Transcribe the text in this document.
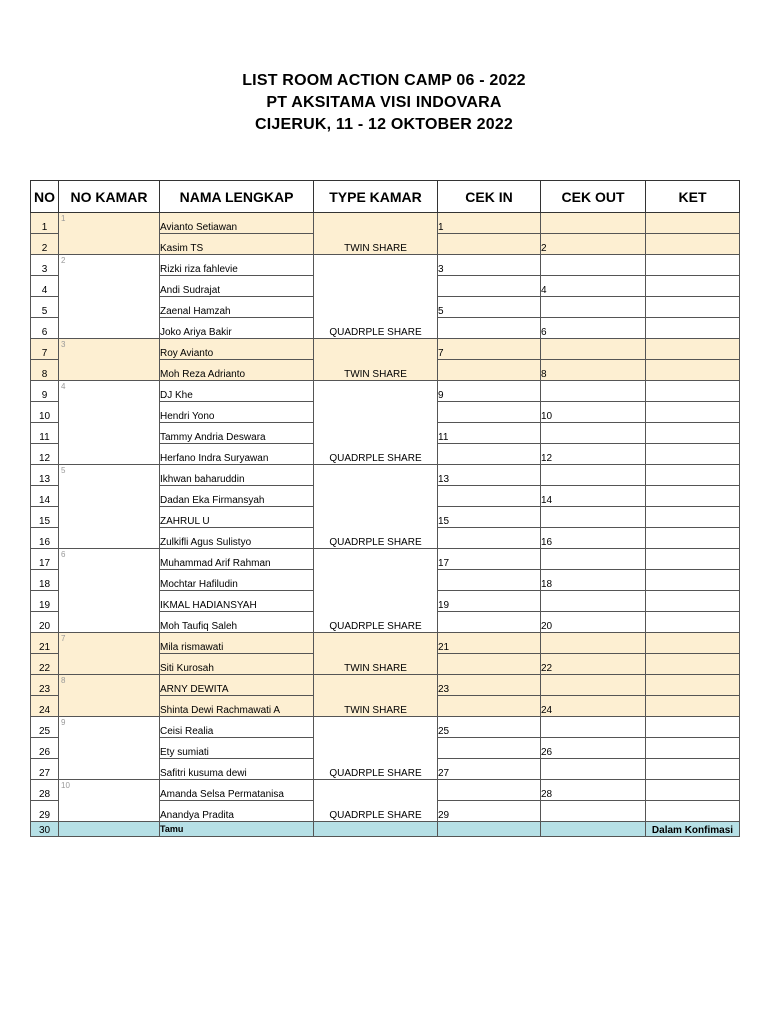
LIST ROOM ACTION CAMP 06 - 2022
PT AKSITAMA VISI INDOVARA
CIJERUK, 11 - 12 OKTOBER 2022
NO	NO KAMAR	NAMA LENGKAP	TYPE KAMAR	CEK IN	CEK OUT	KET
1	1	Avianto Setiawan	TWIN SHARE	1		
2		Kasim TS			2	
3	2	Rizki riza fahlevie	QUADRPLE SHARE	3		
4		Andi Sudrajat			4	
5		Zaenal Hamzah		5		
6		Joko Ariya Bakir			6	
7	3	Roy Avianto	TWIN SHARE	7		
8		Moh Reza Adrianto			8	
9	4	DJ Khe	QUADRPLE SHARE	9		
10		Hendri Yono			10	
11		Tammy Andria Deswara		11		
12		Herfano Indra Suryawan			12	
13	5	Ikhwan baharuddin	QUADRPLE SHARE	13		
14		Dadan Eka Firmansyah			14	
15		ZAHRUL U		15		
16		Zulkifli Agus Sulistyo			16	
17	6	Muhammad Arif Rahman	QUADRPLE SHARE	17		
18		Mochtar Hafiludin			18	
19		IKMAL HADIANSYAH		19		
20		Moh Taufiq Saleh			20	
21	7	Mila rismawati	TWIN SHARE	21		
22		Siti Kurosah			22	
23	8	ARNY DEWITA	TWIN SHARE	23		
24		Shinta Dewi Rachmawati A			24	
25	9	Ceisi Realia	QUADRPLE SHARE	25		
26		Ety sumiati			26	
27		Safitri kusuma dewi		27		
28	10	Amanda Selsa Permatanisa	QUADRPLE SHARE		28	
29		Anandya Pradita		29		
30		Tamu				Dalam Konfimasi
